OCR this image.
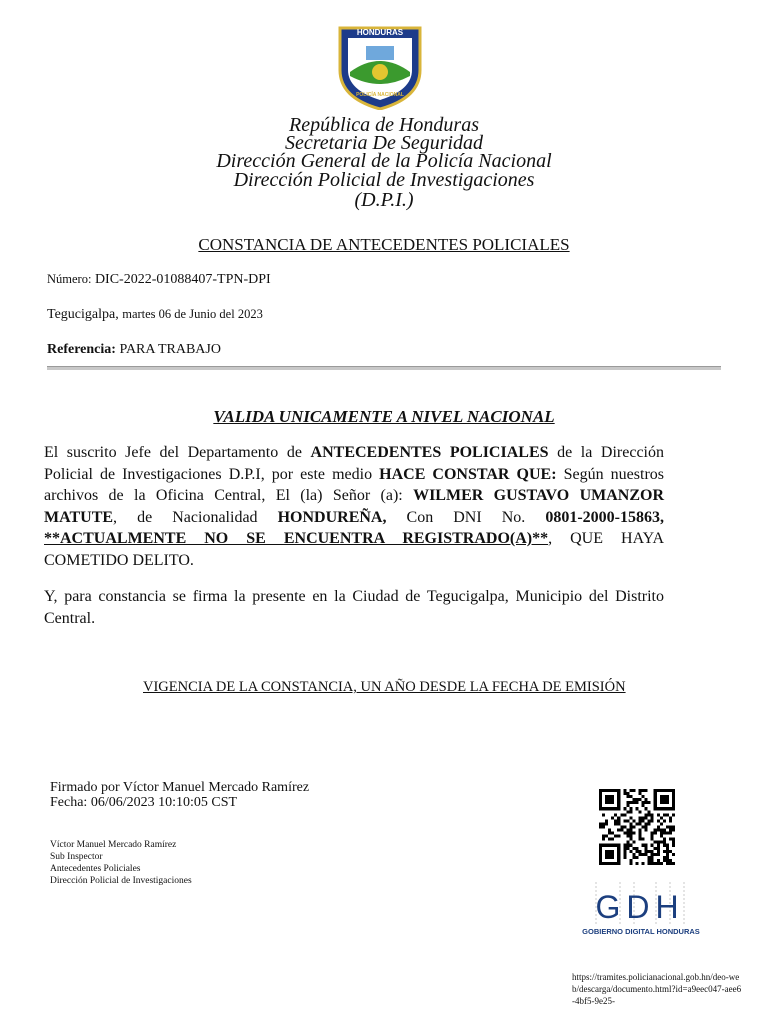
HONDURAS
POLICÍA NACIONAL
República de Honduras
Secretaria De Seguridad
Dirección General de la Policía Nacional
Dirección Policial de Investigaciones
(D.P.I.)
CONSTANCIA DE ANTECEDENTES POLICIALES
Número: DIC-2022-01088407-TPN-DPI
Tegucigalpa, martes 06 de Junio del 2023
Referencia: PARA TRABAJO
VALIDA UNICAMENTE A NIVEL NACIONAL
El suscrito Jefe del Departamento de ANTECEDENTES POLICIALES de la Dirección Policial de Investigaciones D.P.I, por este medio HACE CONSTAR QUE: Según nuestros archivos de la Oficina Central, El (la) Señor (a): WILMER GUSTAVO UMANZOR MATUTE, de Nacionalidad HONDUREÑA, Con DNI No. 0801-2000-15863, **ACTUALMENTE NO SE ENCUENTRA REGISTRADO(A)**, QUE HAYA COMETIDO DELITO.
Y, para constancia se firma la presente en la Ciudad de Tegucigalpa, Municipio del Distrito Central.
VIGENCIA DE LA CONSTANCIA, UN AÑO DESDE LA FECHA DE EMISIÓN
Firmado por Víctor Manuel Mercado Ramírez
Fecha: 06/06/2023 10:10:05 CST
Víctor Manuel Mercado Ramírez
Sub Inspector
Antecedentes Policiales
Dirección Policial de Investigaciones
GDH
GOBIERNO DIGITAL HONDURAS
https://tramites.policianacional.gob.hn/deo-web/descarga/documento.html?id=a9eec047-aee6-4bf5-9e25-
